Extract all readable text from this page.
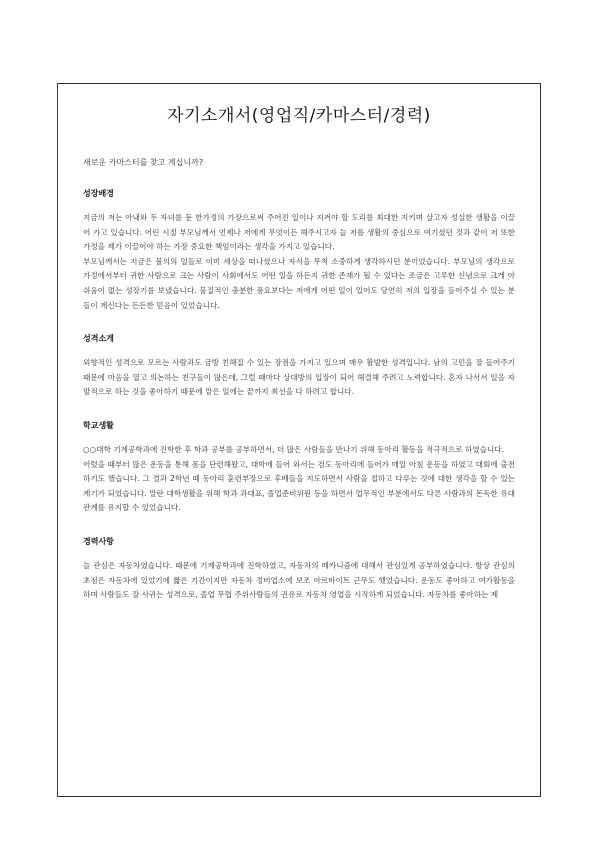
자기소개서(영업직/카마스터/경력)
새로운 카마스터를 찾고 계십니까?
성장배경

지금의 저는 아내와 두 자녀를 둔 한가정의 가장으로써 주어진 일이나 지켜야 할 도리를 최대한 지키며 살고자 성실한 생활을 이끌어 가고 있습니다. 어린 시절 부모님께서 언제나 저에게 무엇이든 해주시고자 늘 저를 생활의 중심으로 여기셨던 것과 같이 저 또한 가정을 제가 이끌어야 하는 가장 중요한 책임이라는 생각을 가지고 있습니다.

부모님께서는 지금은 불의의 일들로 이미 세상을 떠나셨으나 자식을 무척 소중하게 생각하시던 분이었습니다. 부모님의 생각으로 가정에서부터 귀한 사람으로 크는 사람이 사회에서도 어떤 일을 하든지 귀한 존재가 될 수 있다는 조금은 고루한 신념으로 크게 아쉬움이 없는 성장기를 보냈습니다. 물질적인 충분한 풍요보다는 저에게 어떤 일이 있어도 당연히 저의 입장을 들어주실 수 있는 분들이 계신다는 든든한 믿음이 있었습니다.

성격소개

외향적인 성격으로 모르는 사람과도 금방 친해질 수 있는 장점을 가지고 있으며 매우 활발한 성격입니다. 남의 고민을 잘 들어주기 때문에 마음을 열고 의논하는 친구들이 많은데, 그럴 때마다 상대방의 입장이 되어 해결해 주려고 노력합니다. 혼자 나서서 일을 자발적으로 하는 것을 좋아하기 때문에 맡은 일에는 끝까지 최선을 다 하려고 합니다.

학교생활

○○대학 기계공학과에 진학한 후 학과 공부를 공부하면서, 더 많은 사람들을 만나기 위해 동아리 활동을 적극적으로 하였습니다.

어렸을 때부터 많은 운동을 통해 몸을 단련해왔고, 대학에 들어 와서는 검도 동아리에 들어가 매일 아침 운동을 하였고 대회에 출전하기도 했습니다. 그 결과 2학년 때 동아리 훈련부장으로 후배들을 지도하면서 사람을 접하고 다루는 것에 대한 생각을 할 수 있는 계기가 되었습니다. 말란 대학생활을 위해 학과 과대표, 졸업준비위원 등을 하면서 업무적인 부분에서도 다른 사람과의 돈독한 유대관계를 유지할 수 있었습니다.

경력사항

늘 관심은 자동차였습니다. 때문에 기계공학과에 진학하였고, 자동차의 메카니즘에 대해서 관심있게 공부하였습니다. 항상 관심의 초점은 자동차에 있었기에 짧은 기간이지만 자동차 정비업소에 보조 아르바이트 근무도 했었습니다. 운동도 좋아하고 여가활동을 하며 사람들도 잘 사귀는 성격으로, 졸업 무렵 주위사람들의 권유로 자동차 영업을 시작하게 되었습니다. 자동차를 좋아하는 제
